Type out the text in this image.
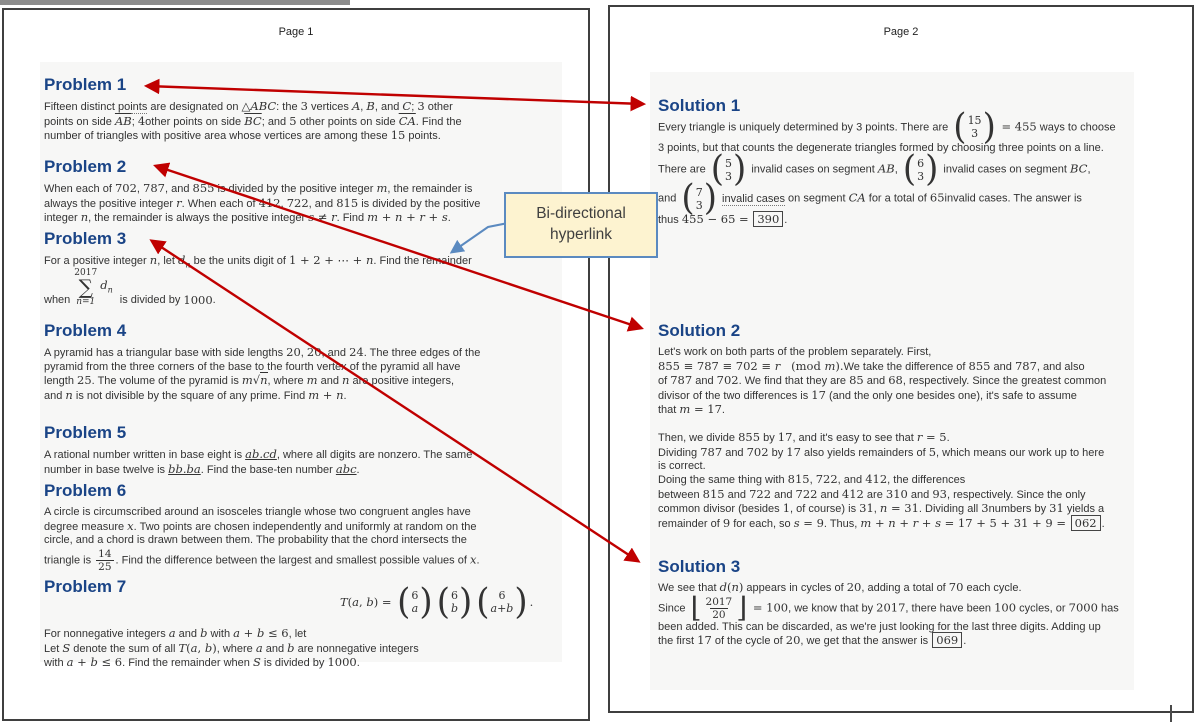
Page 1	Page 2
Problem 1
Fifteen distinct points are designated on △ABC: the 3 vertices A, B, and C; 3 other
points on side $\overline{AB}$; 4other points on side $\overline{BC}$; and 5 other points on side $\overline{CA}$. Find the
number of triangles with positive area whose vertices are among these 15 points.
Problem 2
When each of 702, 787, and 855 is divided by the positive integer m, the remainder is
always the positive integer r. When each of 412, 722, and 815 is divided by the positive
integer n, the remainder is always the positive integer s ≠ r. Find m + n + r + s.
Problem 3
For a positive integer n, let $d_n$ be the units digit of 1 + 2 + ⋯ + n. Find the remainder
when
2017
∑
n=1
$d_n$
is divided by 1000 .
Problem 4
A pyramid has a triangular base with side lengths 20, 20, and 24. The three edges of the
pyramid from the three corners of the base to the fourth vertex of the pyramid all have
length 25. The volume of the pyramid is m√n, where m and n are positive integers,
and n is not divisible by the square of any prime. Find m + n.
Problem 5
A rational number written in base eight is ab.cd, where all digits are nonzero. The same
number in base twelve is bb.ba. Find the base-ten number abc.
Problem 6
A circle is circumscribed around an isosceles triangle whose two congruent angles have
degree measure x. Two points are chosen independently and uniformly at random on the
circle, and a chord is drawn between them. The probability that the chord intersects the
triangle is $\frac{14}{25}$ . Find the difference between the largest and smallest possible values of x.
Problem 7
T ( a , b ) = ( 6
a ) ( 6
b ) ( 6
a+b ) .
For nonnegative integers a and b with a + b ≤ 6, let
Let S denote the sum of all T(a, b), where a and b are nonnegative integers
with a + b ≤ 6. Find the remainder when S is divided by 1000.
Solution 1
Every triangle is uniquely determined by 3 points. There are ( 15
3 ) = 455 ways to choose
3 points, but that counts the degenerate triangles formed by choosing three points on a line.
There are ( 5
3 ) invalid cases on segment AB, ( 6
3 ) invalid cases on segment BC,
and ( 7
3 ) invalid cases on segment CA for a total of 65invalid cases. The answer is
thus 455 − 65 = 390 .
Solution 2
Let's work on both parts of the problem separately. First,
855 ≡ 787 ≡ 702 ≡ r   (mod m).We take the difference of 855 and 787, and also
of 787 and 702. We find that they are 85 and 68, respectively. Since the greatest common
divisor of the two differences is 17 (and the only one besides one), it's safe to assume
that m = 17.
Then, we divide 855 by 17, and it's easy to see that r = 5.
Dividing 787 and 702 by 17 also yields remainders of 5, which means our work up to here
is correct.
Doing the same thing with 815, 722, and 412, the differences
between 815 and 722 and 722 and 412 are 310 and 93, respectively. Since the only
common divisor (besides 1, of course) is 31, n = 31. Dividing all 3numbers by 31 yields a
remainder of 9 for each, so s = 9. Thus, m + n + r + s = 17 + 5 + 31 + 9 = 062 .
Solution 3
We see that d(n) appears in cycles of 20, adding a total of 70 each cycle.
Since ⌊ $\frac{2017}{20}$ ⌋ = 100, we know that by 2017, there have been 100 cycles, or 7000 has
been added. This can be discarded, as we're just looking for the last three digits. Adding up
the first 17 of the cycle of 20, we get that the answer is 069 .
Bi-directional hyperlink
